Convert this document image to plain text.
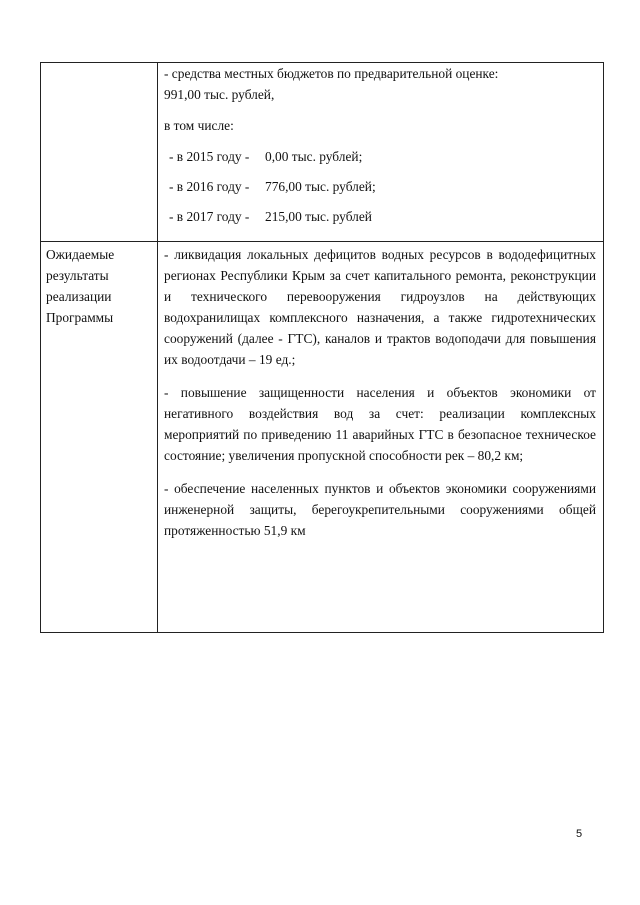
- средства местных бюджетов по предварительной оценке:

991,00 тыс. рублей,

в том числе:

- в 2015 году - 0,00 тыс. рублей;
- в 2016 году - 776,00 тыс. рублей;
- в 2017 году - 215,00 тыс. рублей
Ожидаемые
результаты
реализации
Программы

- ликвидация локальных дефицитов водных ресурсов в вододефицитных регионах Республики Крым за счет капитального ремонта, реконструкции и технического перевооружения гидроузлов на действующих водохранилищах комплексного назначения, а также гидротехнических сооружений (далее - ГТС), каналов и трактов водоподачи для повышения их водоотдачи – 19 ед.;

- повышение защищенности населения и объектов экономики от негативного воздействия вод за счет: реализации комплексных мероприятий по приведению 11 аварийных ГТС в безопасное техническое состояние; увеличения пропускной способности рек – 80,2 км;

- обеспечение населенных пунктов и объектов экономики сооружениями инженерной защиты, берегоукрепительными сооружениями общей протяженностью 51,9 км

5
